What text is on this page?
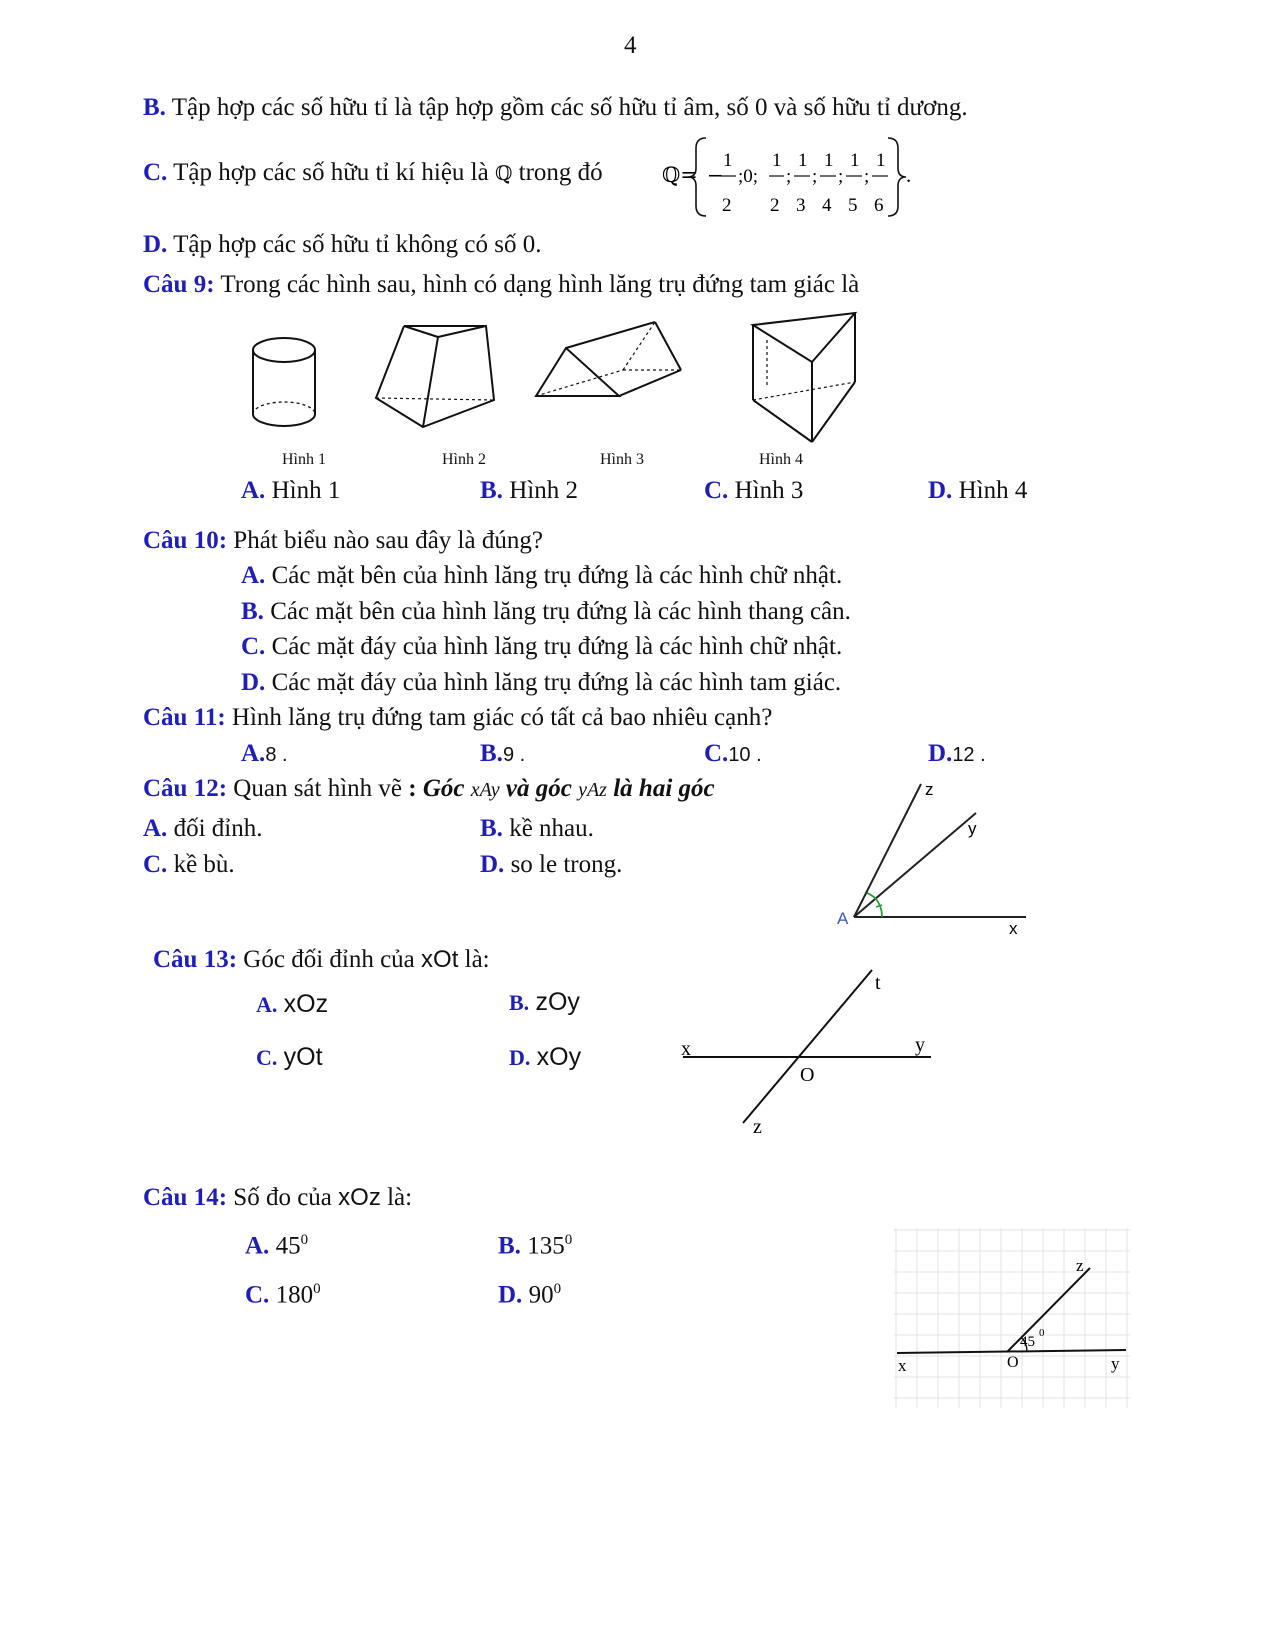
4
B. Tập hợp các số hữu tỉ là tập hợp gồm các số hữu tỉ âm, số 0 và số hữu tỉ dương.
C. Tập hợp các số hữu tỉ kí hiệu là ℚ trong đó	ℚ= −
1
2
;0;
1
2
;
1
3
;
1
4
;
1
5
;
1
6
.
D. Tập hợp các số hữu tỉ không có số 0.
Câu 9: Trong các hình sau, hình có dạng hình lăng trụ đứng tam giác là
Hình 1	Hình 2	Hình 3	Hình 4
A. Hình 1	B. Hình 2	C. Hình 3	D. Hình 4
Câu 10: Phát biểu nào sau đây là đúng?
A. Các mặt bên của hình lăng trụ đứng là các hình chữ nhật.
B. Các mặt bên của hình lăng trụ đứng là các hình thang cân.
C. Các mặt đáy của hình lăng trụ đứng là các hình chữ nhật.
D. Các mặt đáy của hình lăng trụ đứng là các hình tam giác.
Câu 11: Hình lăng trụ đứng tam giác có tất cả bao nhiêu cạnh?
A.8 .	B.9 .	C.10 .	D.12 .
Câu 12: Quan sát hình vẽ : Góc xAy và góc yAz là hai góc
A. đối đỉnh.	B. kề nhau.
C. kề bù.	D. so le trong.
A
x
y
z
Câu 13: Góc đối đỉnh của xOt là:
A. xOz	B. zOy
C. yOt	D. xOy	x	y
t
z
O
Câu 14: Số đo của xOz là:
A. $45^0$	B. $135^0$
C. $180^0$	D. $90^0$
x	y
z
O
45
0
